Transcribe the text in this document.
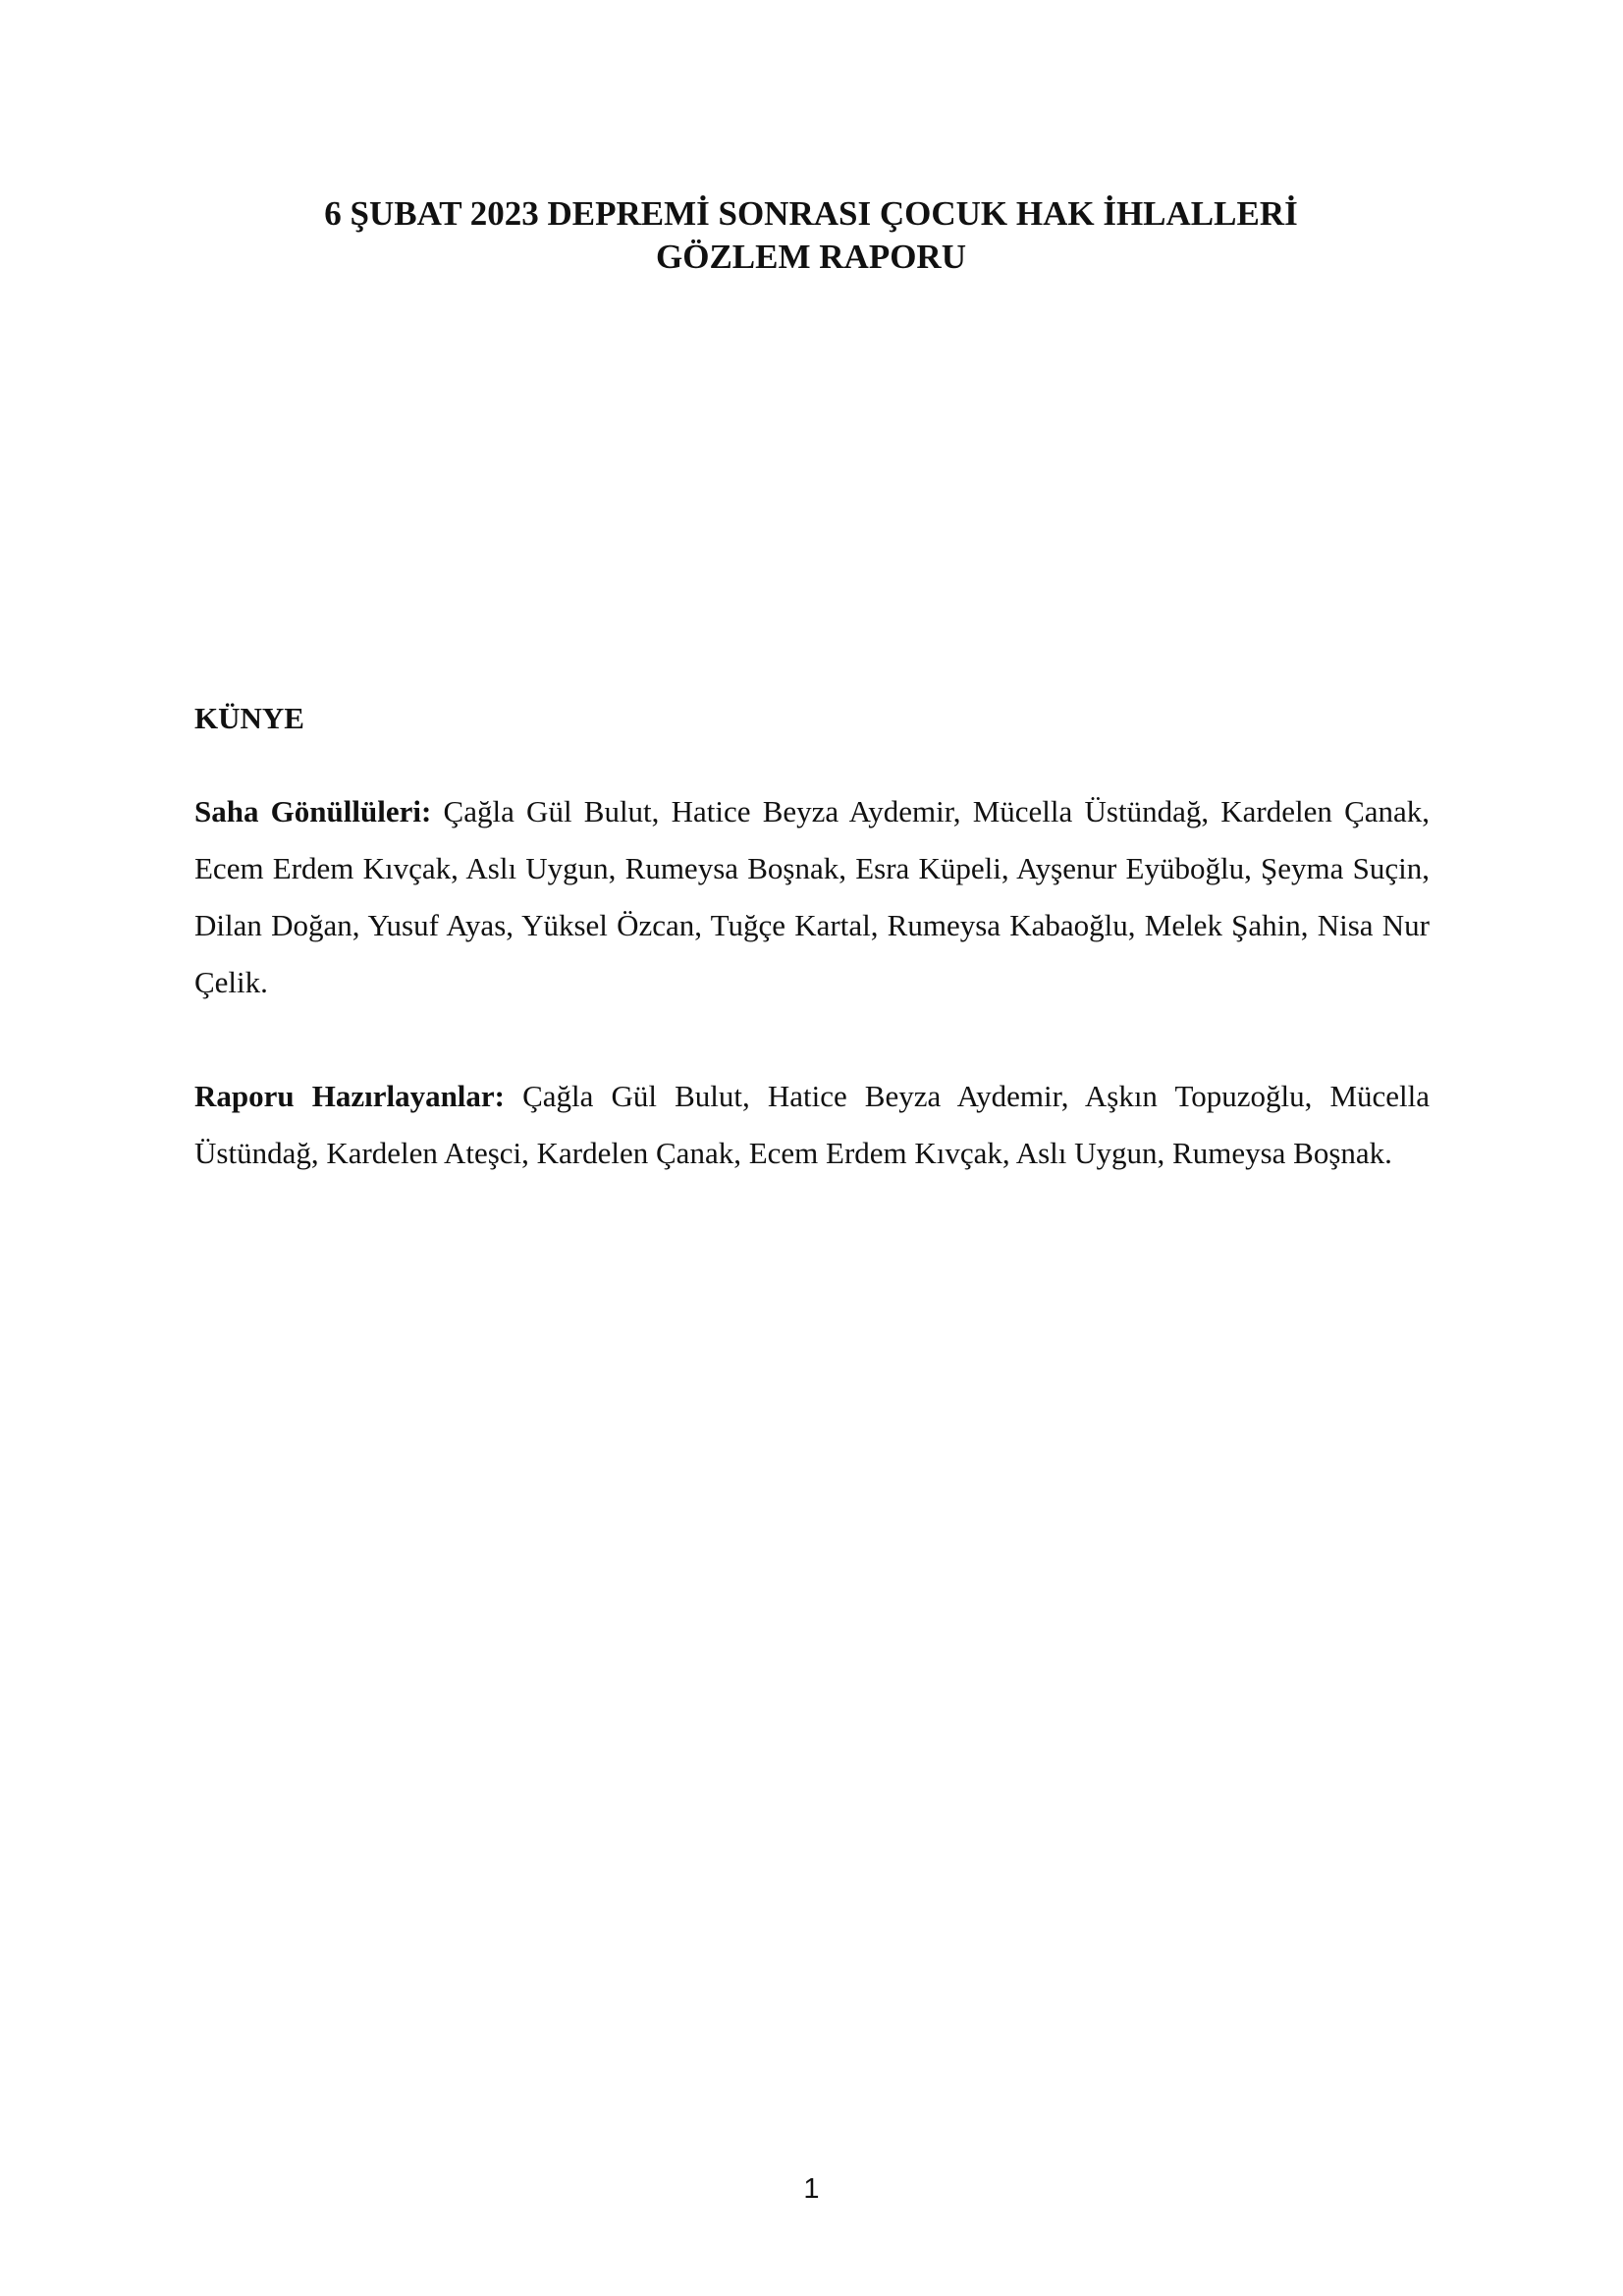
6 ŞUBAT 2023 DEPREMİ SONRASI ÇOCUK HAK İHLALLERİ
GÖZLEM RAPORU
KÜNYE

Saha Gönüllüleri: Çağla Gül Bulut, Hatice Beyza Aydemir, Mücella Üstündağ, Kardelen Çanak, Ecem Erdem Kıvçak, Aslı Uygun, Rumeysa Boşnak, Esra Küpeli, Ayşenur Eyüboğlu, Şeyma Suçin, Dilan Doğan, Yusuf Ayas, Yüksel Özcan, Tuğçe Kartal, Rumeysa Kabaoğlu, Melek Şahin, Nisa Nur Çelik.

Raporu Hazırlayanlar: Çağla Gül Bulut, Hatice Beyza Aydemir, Aşkın Topuzoğlu, Mücella Üstündağ, Kardelen Ateşci, Kardelen Çanak, Ecem Erdem Kıvçak, Aslı Uygun, Rumeysa Boşnak.

1
